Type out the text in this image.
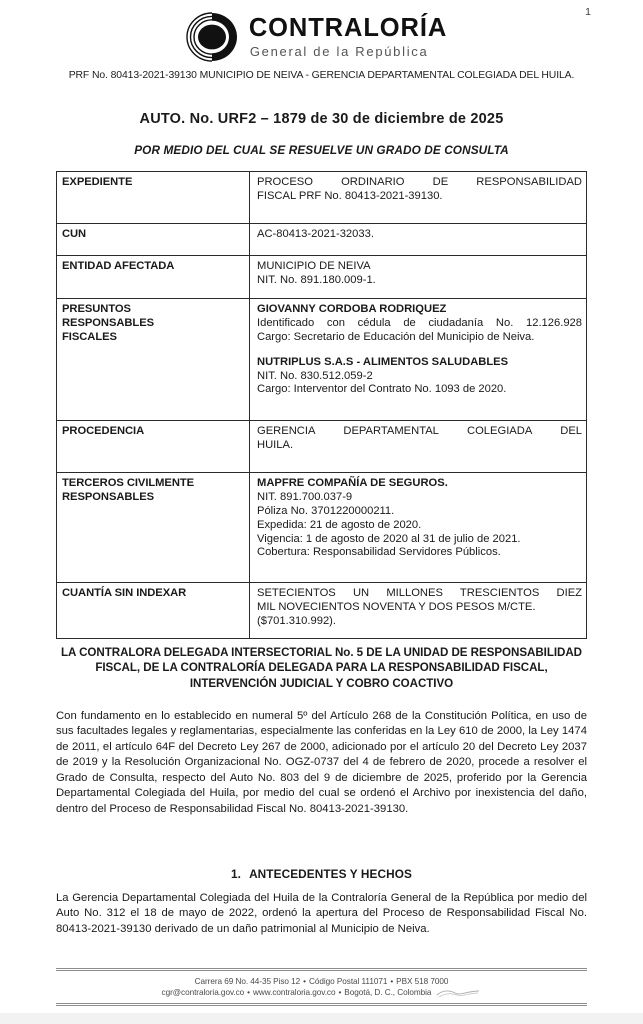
1
CONTRALORÍA
General de la República
PRF No. 80413-2021-39130 MUNICIPIO DE NEIVA - GERENCIA DEPARTAMENTAL COLEGIADA DEL HUILA.
AUTO. No. URF2 – 1879 de 30 de diciembre de 2025
POR MEDIO DEL CUAL SE RESUELVE UN GRADO DE CONSULTA
EXPEDIENTE	PROCESO ORDINARIO DE RESPONSABILIDAD
FISCAL PRF No. 80413-2021-39130.

CUN	AC-80413-2021-32033.

ENTIDAD AFECTADA	MUNICIPIO DE NEIVA
NIT. No. 891.180.009-1.

PRESUNTOS
RESPONSABLES
FISCALES

GIOVANNY CORDOBA RODRIQUEZ
Identificado con cédula de ciudadanía No. 12.126.928
Cargo: Secretario de Educación del Municipio de Neiva.
NUTRIPLUS S.A.S - ALIMENTOS SALUDABLES
NIT. No. 830.512.059-2
Cargo: Interventor del Contrato No. 1093 de 2020.

PROCEDENCIA	GERENCIA DEPARTAMENTAL COLEGIADA DEL
HUILA.

TERCEROS CIVILMENTE
RESPONSABLES

MAPFRE COMPAÑÍA DE SEGUROS.
NIT. 891.700.037-9
Póliza No. 3701220000211.
Expedida: 21 de agosto de 2020.
Vigencia: 1 de agosto de 2020 al 31 de julio de 2021.
Cobertura: Responsabilidad Servidores Públicos.

CUANTÍA SIN INDEXAR	SETECIENTOS UN MILLONES TRESCIENTOS DIEZ
MIL NOVECIENTOS NOVENTA Y DOS PESOS M/CTE.
($701.310.992).
LA CONTRALORA DELEGADA INTERSECTORIAL No. 5 DE LA UNIDAD DE RESPONSABILIDAD FISCAL, DE LA CONTRALORÍA DELEGADA PARA LA RESPONSABILIDAD FISCAL, INTERVENCIÓN JUDICIAL Y COBRO COACTIVO
Con fundamento en lo establecido en numeral 5º del Artículo 268 de la Constitución Política, en uso de sus facultades legales y reglamentarias, especialmente las conferidas en la Ley 610 de 2000, la Ley 1474 de 2011, el artículo 64F del Decreto Ley 267 de 2000, adicionado por el artículo 20 del Decreto Ley 2037 de 2019 y la Resolución Organizacional No. OGZ-0737 del 4 de febrero de 2020, procede a resolver el Grado de Consulta, respecto del Auto No. 803 del 9 de diciembre de 2025, proferido por la Gerencia Departamental Colegiada del Huila, por medio del cual se ordenó el Archivo por inexistencia del daño, dentro del Proceso de Responsabilidad Fiscal No. 80413-2021-39130.
1. ANTECEDENTES Y HECHOS
La Gerencia Departamental Colegiada del Huila de la Contraloría General de la República por medio del Auto No. 312 el 18 de mayo de 2022, ordenó la apertura del Proceso de Responsabilidad Fiscal No. 80413-2021-39130 derivado de un daño patrimonial al Municipio de Neiva.
Carrera 69 No. 44-35 Piso 12 • Código Postal 111071 • PBX 518 7000
cgr@contraloria.gov.co • www.contraloria.gov.co • Bogotá, D. C., Colombia
